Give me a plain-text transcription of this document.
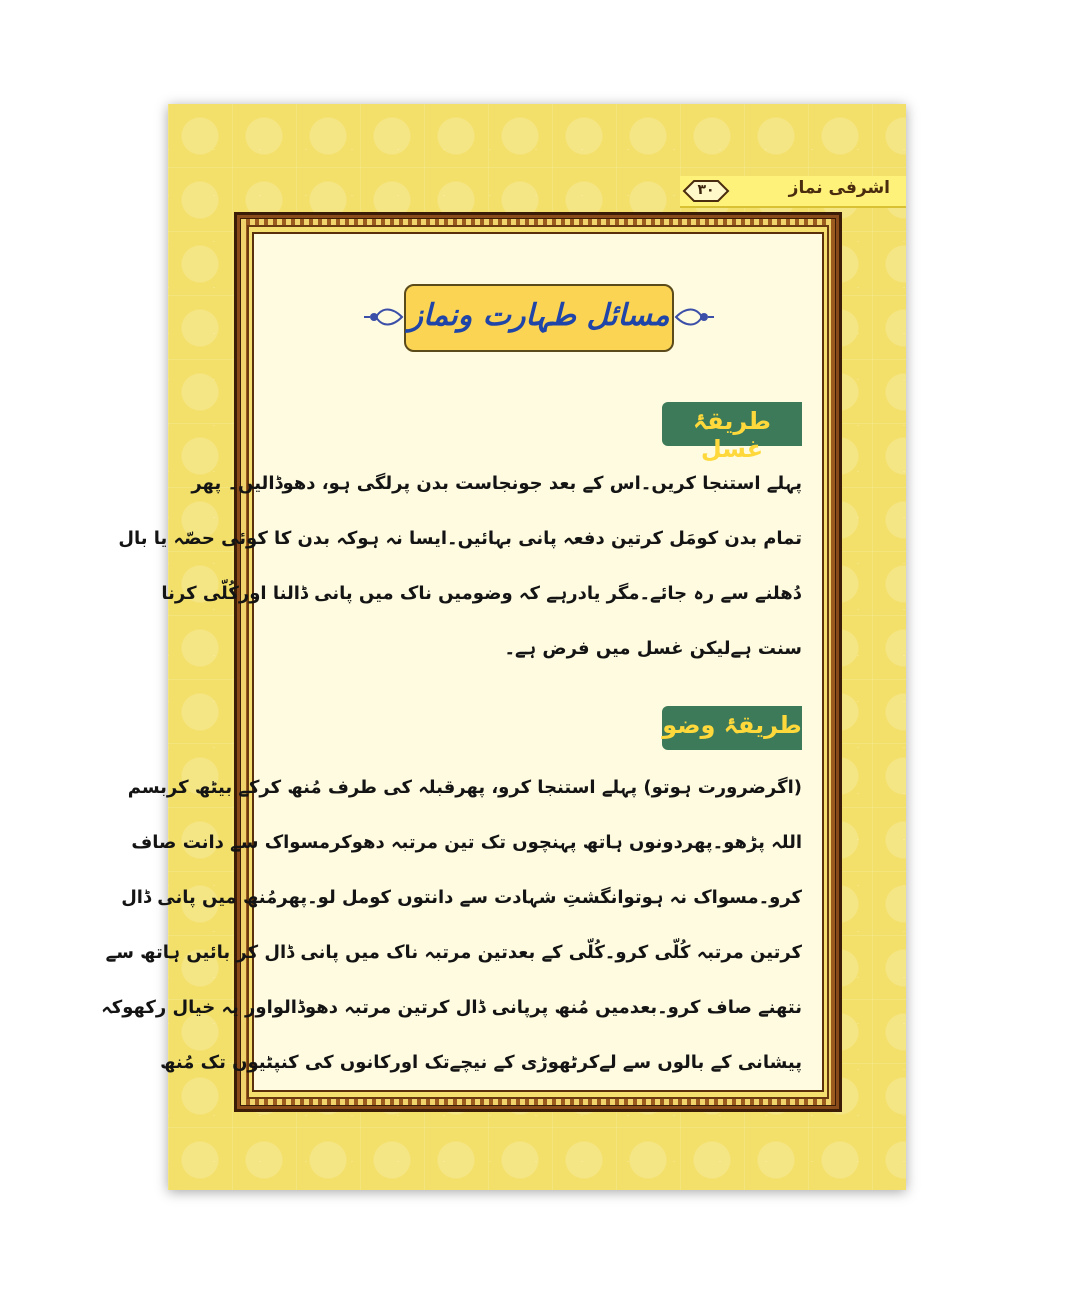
۳۰	اشرفی نماز
مسائل طہارت ونماز
طریقۂ غسل
پہلے استنجا کریں۔اس کے بعد جونجاست بدن پرلگی ہو، دھوڈالیں۔ پھر
تمام بدن کومَل کرتین دفعہ پانی بہائیں۔ایسا نہ ہوکہ بدن کا کوئی حصّہ یا بال
دُھلنے سے رہ جائے۔مگر یادرہے کہ وضومیں ناک میں پانی ڈالنا اورکُلّی کرنا
سنت ہےلیکن غسل میں فرض ہے۔
طریقۂ وضو
(اگرضرورت ہوتو) پہلے استنجا کرو، پھرقبلہ کی طرف مُنھ کرکے بیٹھ کربسم
اللہ پڑھو۔پھردونوں ہاتھ پہنچوں تک تین مرتبہ دھوکرمسواک سے دانت صاف
کرو۔مسواک نہ ہوتوانگشتِ شہادت سے دانتوں کومل لو۔پھرمُنھ میں پانی ڈال
کرتین مرتبہ کُلّی کرو۔کُلّی کے بعدتین مرتبہ ناک میں پانی ڈال کر بائیں ہاتھ سے
نتھنے صاف کرو۔بعدمیں مُنھ پرپانی ڈال کرتین مرتبہ دھوڈالواور یہ خیال رکھوکہ
پیشانی کے بالوں سے لےکرٹھوڑی کے نیچےتک اورکانوں کی کنپٹیوں تک مُنھ
